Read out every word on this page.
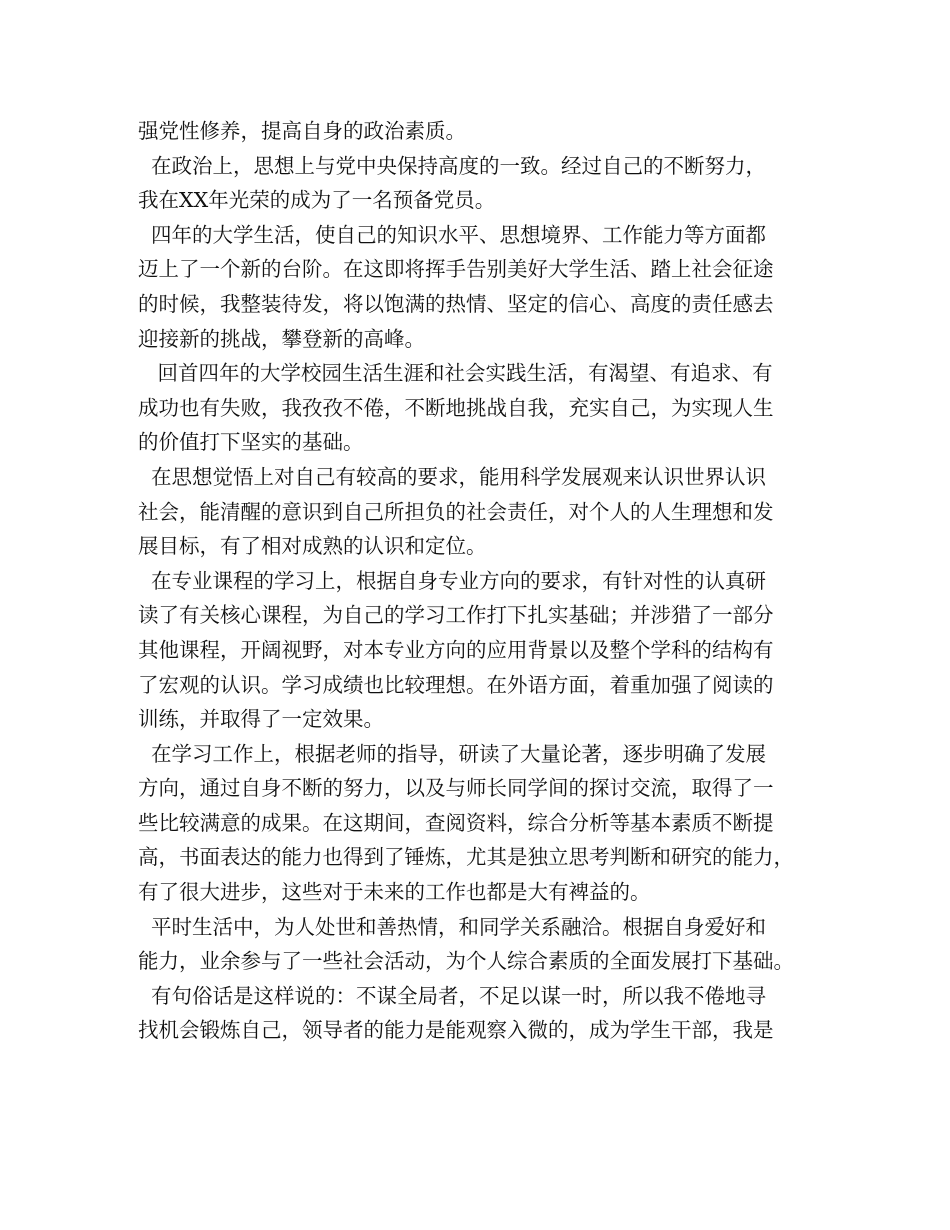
强党性修养，提高自身的政治素质。
在政治上，思想上与党中央保持高度的一致。经过自己的不断努力，
我在XX年光荣的成为了一名预备党员。
四年的大学生活，使自己的知识水平、思想境界、工作能力等方面都
迈上了一个新的台阶。在这即将挥手告别美好大学生活、踏上社会征途
的时候，我整装待发，将以饱满的热情、坚定的信心、高度的责任感去
迎接新的挑战，攀登新的高峰。
回首四年的大学校园生活生涯和社会实践生活，有渴望、有追求、有
成功也有失败，我孜孜不倦，不断地挑战自我，充实自己，为实现人生
的价值打下坚实的基础。
在思想觉悟上对自己有较高的要求，能用科学发展观来认识世界认识
社会，能清醒的意识到自己所担负的社会责任，对个人的人生理想和发
展目标，有了相对成熟的认识和定位。
在专业课程的学习上，根据自身专业方向的要求，有针对性的认真研
读了有关核心课程，为自己的学习工作打下扎实基础；并涉猎了一部分
其他课程，开阔视野，对本专业方向的应用背景以及整个学科的结构有
了宏观的认识。学习成绩也比较理想。在外语方面，着重加强了阅读的
训练，并取得了一定效果。
在学习工作上，根据老师的指导，研读了大量论著，逐步明确了发展
方向，通过自身不断的努力，以及与师长同学间的探讨交流，取得了一
些比较满意的成果。在这期间，查阅资料，综合分析等基本素质不断提
高，书面表达的能力也得到了锤炼，尤其是独立思考判断和研究的能力，
有了很大进步，这些对于未来的工作也都是大有裨益的。
平时生活中，为人处世和善热情，和同学关系融洽。根据自身爱好和
能力，业余参与了一些社会活动，为个人综合素质的全面发展打下基础。
有句俗话是这样说的：不谋全局者，不足以谋一时，所以我不倦地寻
找机会锻炼自己，领导者的能力是能观察入微的，成为学生干部，我是
